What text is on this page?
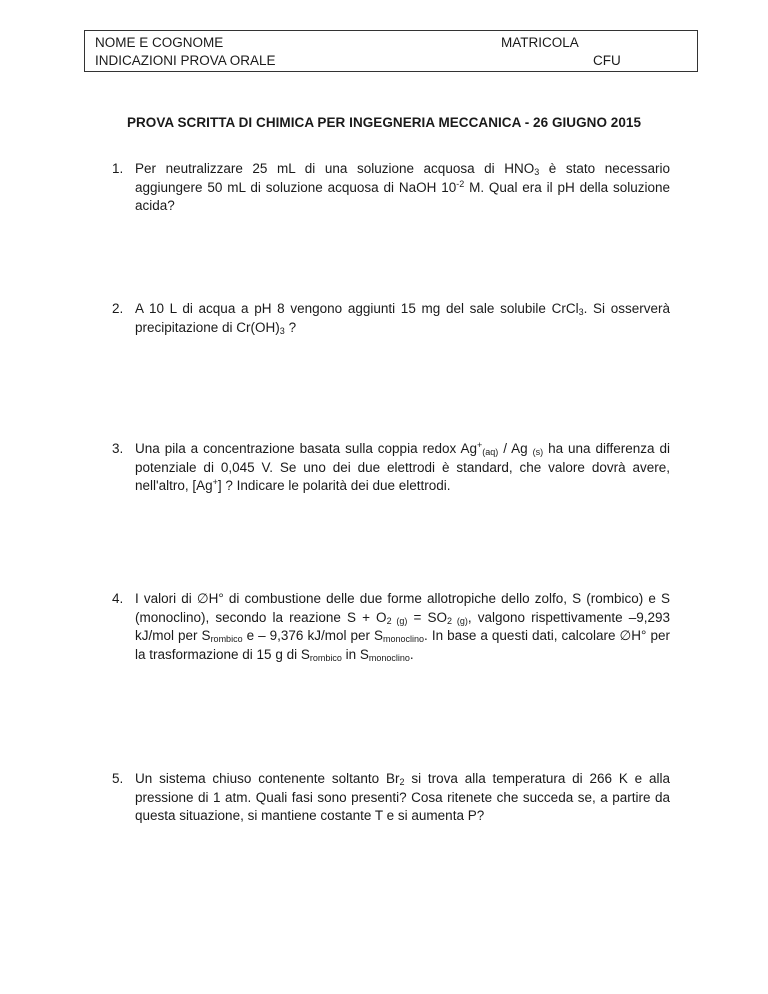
NOME E COGNOME
INDICAZIONI PROVA ORALE
MATRICOLA
CFU
PROVA SCRITTA DI CHIMICA PER INGEGNERIA MECCANICA - 26 GIUGNO 2015
1. Per neutralizzare 25 mL di una soluzione acquosa di $HNO_3$ è stato necessario aggiungere 50 mL di soluzione acquosa di NaOH $10^{-2}$ M. Qual era il pH della soluzione acida?
2. A 10 L di acqua a pH 8 vengono aggiunti 15 mg del sale solubile CrCl$_3$. Si osserverà precipitazione di $Cr(OH)_3$ ?
3. Una pila a concentrazione basata sulla coppia redox $Ag^+_{(aq)}$ / Ag $_{(s)}$ ha una differenza di potenziale di 0,045 V. Se uno dei due elettrodi è standard, che valore dovrà avere, nell'altro, [Ag+] ? Indicare le polarità dei due elettrodi.
4. I valori di ∅H° di combustione delle due forme allotropiche dello zolfo, S (rombico) e S (monoclino), secondo la reazione $S + O_{2 (g)} = SO_{2 (g)}$, valgono rispettivamente –9,293 kJ/mol per $S_{rombico}$ e – 9,376 kJ/mol per $S_{monoclino}$. In base a questi dati, calcolare ∅H° per la trasformazione di 15 g di $S_{rombico}$ in $S_{monoclino}$.
5. Un sistema chiuso contenente soltanto $Br_2$ si trova alla temperatura di 266 K e alla pressione di 1 atm. Quali fasi sono presenti? Cosa ritenete che succeda se, a partire da questa situazione, si mantiene costante T e si aumenta P?
